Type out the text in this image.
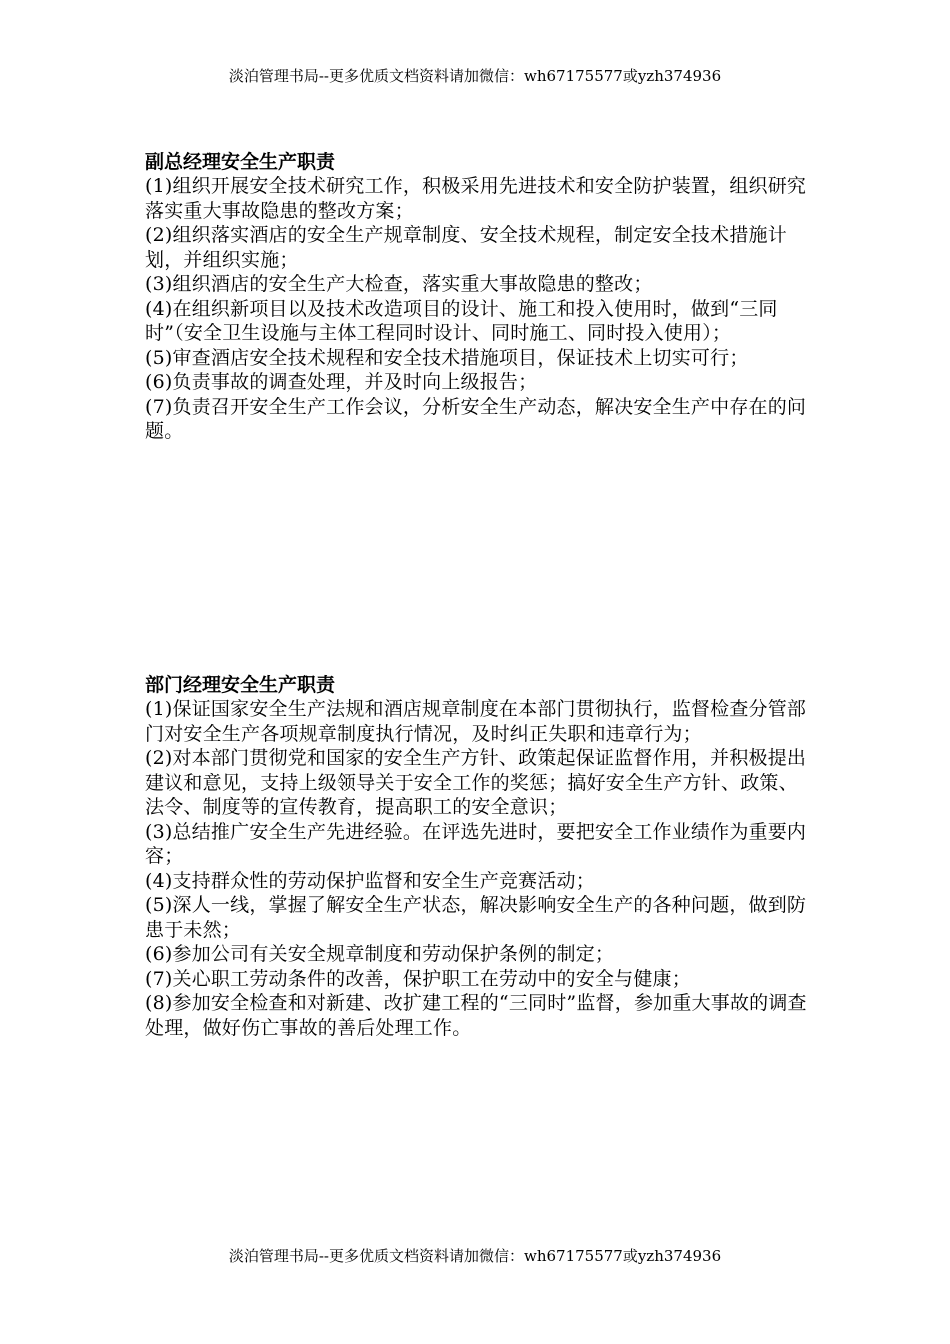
淡泊管理书局--更多优质文档资料请加微信：wh67175577或yzh374936
副总经理安全生产职责

(1)组织开展安全技术研究工作，积极采用先进技术和安全防护装置，组织研究落实重大事故隐患的整改方案；

(2)组织落实酒店的安全生产规章制度、安全技术规程，制定安全技术措施计划，并组织实施；

(3)组织酒店的安全生产大检查，落实重大事故隐患的整改；

(4)在组织新项目以及技术改造项目的设计、施工和投入使用时，做到“三同时”（安全卫生设施与主体工程同时设计、同时施工、同时投入使用）；

(5)审查酒店安全技术规程和安全技术措施项目，保证技术上切实可行；

(6)负责事故的调查处理，并及时向上级报告；

(7)负责召开安全生产工作会议，分析安全生产动态，解决安全生产中存在的问题。

部门经理安全生产职责

(1)保证国家安全生产法规和酒店规章制度在本部门贯彻执行，监督检查分管部门对安全生产各项规章制度执行情况，及时纠正失职和违章行为；

(2)对本部门贯彻党和国家的安全生产方针、政策起保证监督作用，并积极提出建议和意见，支持上级领导关于安全工作的奖惩；搞好安全生产方针、政策、法令、制度等的宣传教育，提高职工的安全意识；

(3)总结推广安全生产先进经验。在评选先进时，要把安全工作业绩作为重要内容；

(4)支持群众性的劳动保护监督和安全生产竞赛活动；

(5)深人一线，掌握了解安全生产状态，解决影响安全生产的各种问题，做到防患于未然；

(6)参加公司有关安全规章制度和劳动保护条例的制定；

(7)关心职工劳动条件的改善，保护职工在劳动中的安全与健康；

(8)参加安全检查和对新建、改扩建工程的“三同时”监督，参加重大事故的调查处理，做好伤亡事故的善后处理工作。

淡泊管理书局--更多优质文档资料请加微信：wh67175577或yzh374936
